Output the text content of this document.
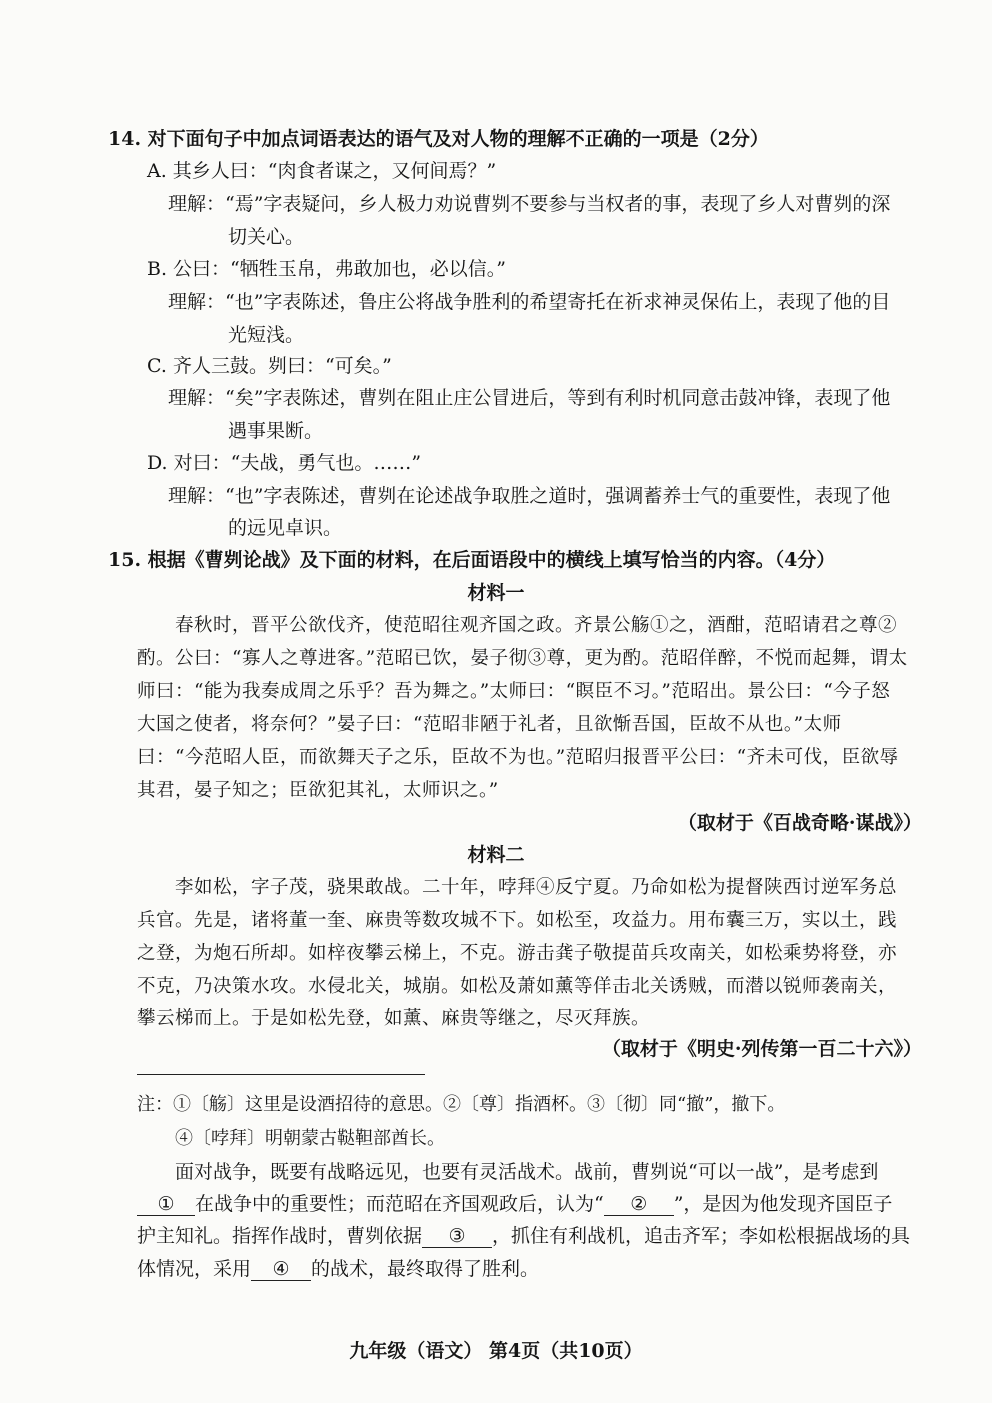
14. 对下面句子中加点词语表达的语气及对人物的理解不正确的一项是（2分）
A. 其乡人曰：“肉食者谋之，又何间焉？”
理解：“焉”字表疑问，乡人极力劝说曹刿不要参与当权者的事，表现了乡人对曹刿的深
切关心。
B. 公曰：“牺牲玉帛，弗敢加也，必以信。”
理解：“也”字表陈述，鲁庄公将战争胜利的希望寄托在祈求神灵保佑上，表现了他的目
光短浅。
C. 齐人三鼓。刿曰：“可矣。”
理解：“矣”字表陈述，曹刿在阻止庄公冒进后，等到有利时机同意击鼓冲锋，表现了他
遇事果断。
D. 对曰：“夫战，勇气也。……”
理解：“也”字表陈述，曹刿在论述战争取胜之道时，强调蓄养士气的重要性，表现了他
的远见卓识。
15. 根据《曹刿论战》及下面的材料，在后面语段中的横线上填写恰当的内容。（4分）
材料一
春秋时，晋平公欲伐齐，使范昭往观齐国之政。齐景公觞①之，酒酣，范昭请君之尊②
酌。公曰：“寡人之尊进客。”范昭已饮，晏子彻③尊，更为酌。范昭佯醉，不悦而起舞，谓太
师曰：“能为我奏成周之乐乎？吾为舞之。”太师曰：“瞑臣不习。”范昭出。景公曰：“今子怒
大国之使者，将奈何？”晏子曰：“范昭非陋于礼者，且欲惭吾国，臣故不从也。”太师
曰：“今范昭人臣，而欲舞天子之乐，臣故不为也。”范昭归报晋平公曰：“齐未可伐，臣欲辱
其君，晏子知之；臣欲犯其礼，太师识之。”
（取材于《百战奇略·谋战》）
材料二
李如松，字子茂，骁果敢战。二十年，哱拜④反宁夏。乃命如松为提督陕西讨逆军务总
兵官。先是，诸将董一奎、麻贵等数攻城不下。如松至，攻益力。用布囊三万，实以土，践
之登，为炮石所却。如梓夜攀云梯上，不克。游击龚子敬提苗兵攻南关，如松乘势将登，亦
不克，乃决策水攻。水侵北关，城崩。如松及萧如薰等佯击北关诱贼，而潜以锐师袭南关，
攀云梯而上。于是如松先登，如薰、麻贵等继之，尽灭拜族。
（取材于《明史·列传第一百二十六》）
注：①〔觞〕这里是设酒招待的意思。②〔尊〕指酒杯。③〔彻〕同“撤”，撤下。
④〔哱拜〕明朝蒙古鞑靼部酋长。
面对战争，既要有战略远见，也要有灵活战术。战前，曹刿说“可以一战”，是考虑到
① 在战争中的重要性；而范昭在齐国观政后，认为“ ② ”，是因为他发现齐国臣子
护主知礼。指挥作战时，曹刿依据 ③ ，抓住有利战机，追击齐军；李如松根据战场的具
体情况，采用 ④ 的战术，最终取得了胜利。
九年级（语文） 第4页（共10页）
